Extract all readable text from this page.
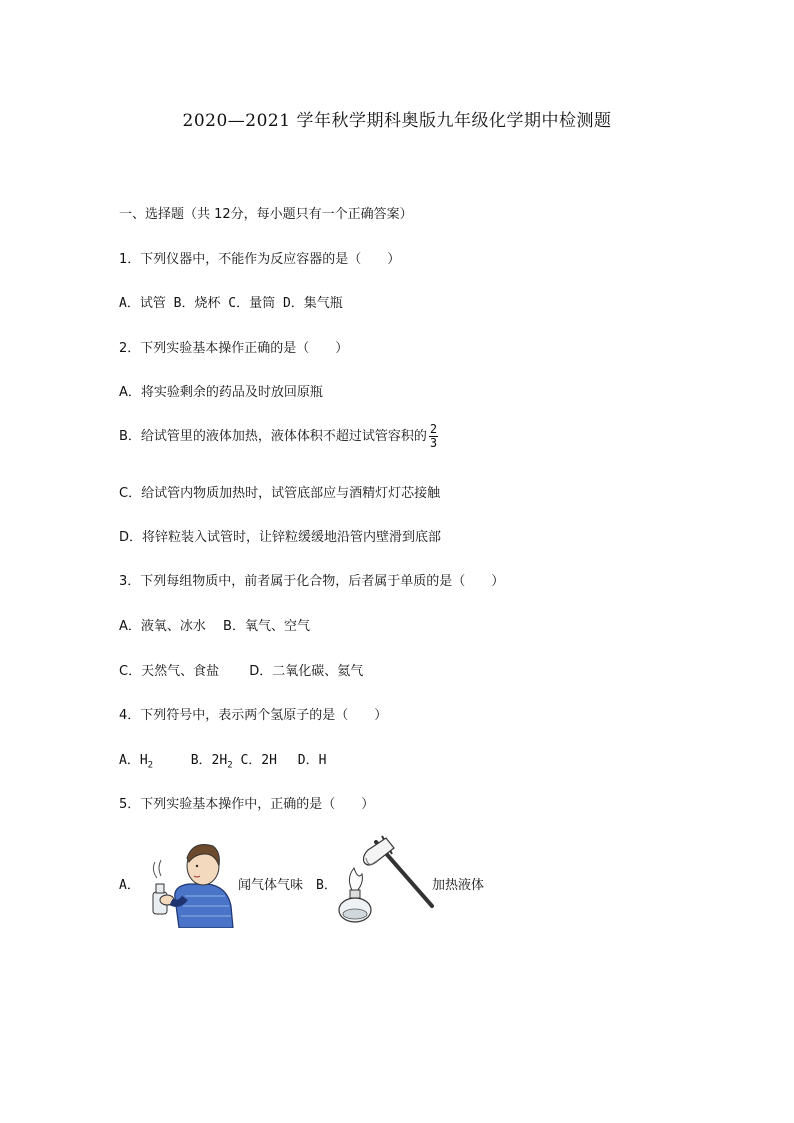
2020—2021 学年秋学期科奥版九年级化学期中检测题
一、选择题（共 12分，每小题只有一个正确答案）
1．下列仪器中，不能作为反应容器的是（　　）
A．试管 B．烧杯 C．量筒 D．集气瓶
2．下列实验基本操作正确的是（　　）
A．将实验剩余的药品及时放回原瓶
B．给试管里的液体加热，液体体积不超过试管容积的 $\frac{2}{3}$
C．给试管内物质加热时，试管底部应与酒精灯灯芯接触
D．将锌粒装入试管时，让锌粒缓缓地沿管内壁滑到底部
3．下列每组物质中，前者属于化合物，后者属于单质的是（　　）
A．液氧、冰水　 B．氧气、空气
C．天然气、食盐　　 D．二氧化碳、氦气
4．下列符号中，表示两个氢原子的是（　　）
A．$H_2$	B．$2H_2$ C．2H　 D．H
5．下列实验基本操作中，正确的是（　　）
A．	闻气体气味 B．	加热液体
